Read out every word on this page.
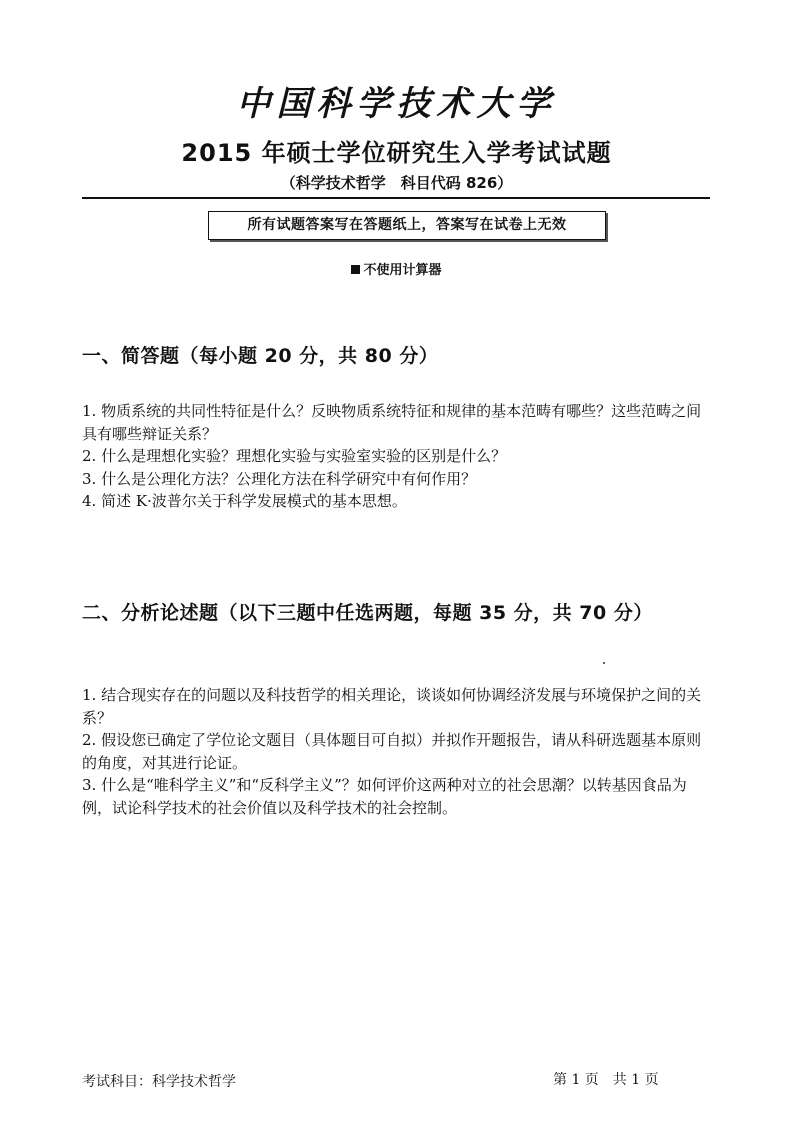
中国科学技术大学
2015 年硕士学位研究生入学考试试题
（科学技术哲学　科目代码 826）
所有试题答案写在答题纸上，答案写在试卷上无效
不使用计算器
一、简答题（每小题 20 分，共 80 分）

1. 物质系统的共同性特征是什么？反映物质系统特征和规律的基本范畴有哪些？这些范畴之间具有哪些辩证关系？

2. 什么是理想化实验？理想化实验与实验室实验的区别是什么？

3. 什么是公理化方法？公理化方法在科学研究中有何作用？

4. 简述 K·波普尔关于科学发展模式的基本思想。

二、分析论述题（以下三题中任选两题，每题 35 分，共 70 分）

1. 结合现实存在的问题以及科技哲学的相关理论，谈谈如何协调经济发展与环境保护之间的关系？

2. 假设您已确定了学位论文题目（具体题目可自拟）并拟作开题报告，请从科研选题基本原则的角度，对其进行论证。

3. 什么是“唯科学主义”和“反科学主义”？如何评价这两种对立的社会思潮？以转基因食品为例，试论科学技术的社会价值以及科学技术的社会控制。

考试科目：科学技术哲学	第 1 页　共 1 页
